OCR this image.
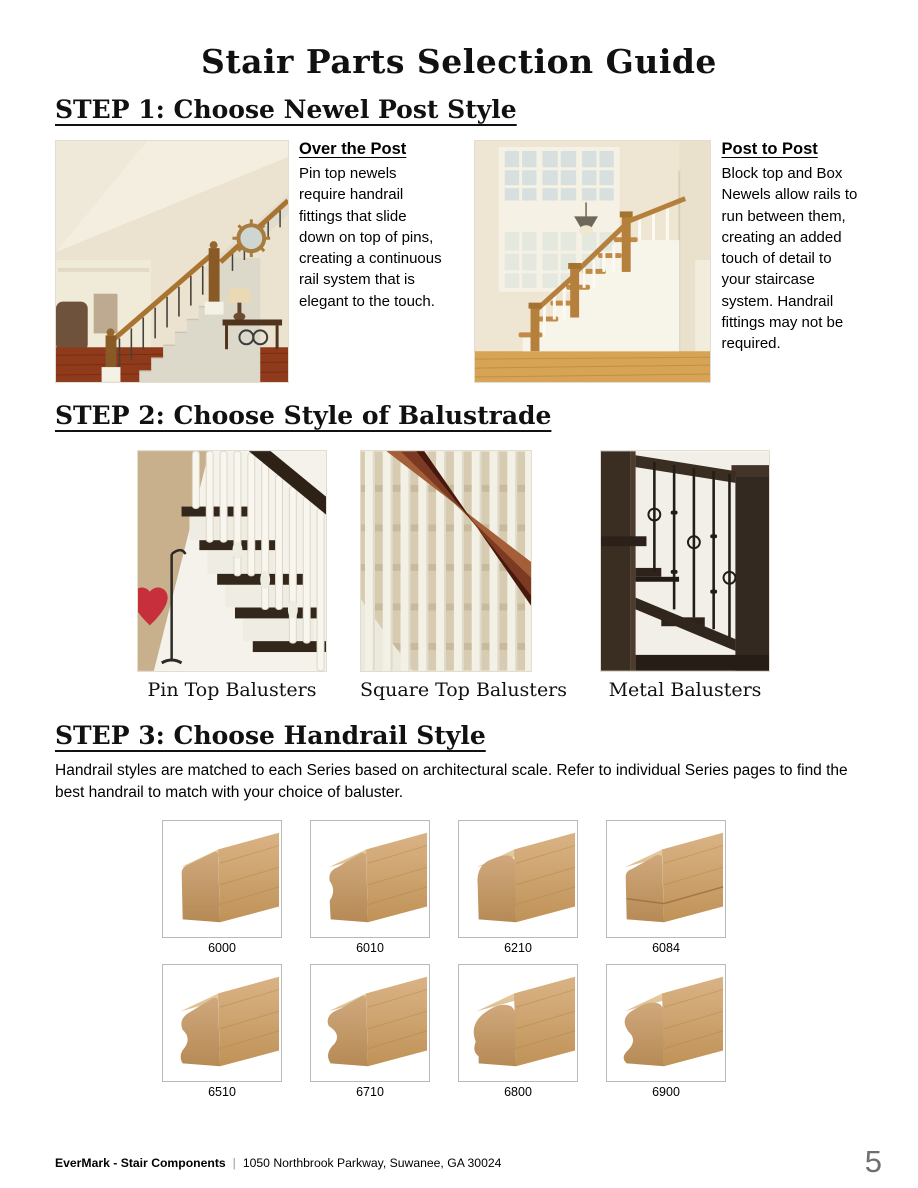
Stair Parts Selection Guide
STEP 1: Choose Newel Post Style
Over the Post
Pin top newels require handrail fittings that slide down on top of pins, creating a continuous rail system that is elegant to the touch.
Post to Post
Block top and Box Newels allow rails to run between them, creating an added touch of detail to your staircase system. Handrail fittings may not be required.
STEP 2: Choose Style of Balustrade
Pin Top Balusters	Square Top Balusters	Metal Balusters
STEP 3: Choose Handrail Style

Handrail styles are matched to each Series based on architectural scale. Refer to individual Series pages to find the best handrail to match with your choice of baluster.

6000	6010	6210	6084
6510	6710	6800	6900
EverMark - Stair Components | 1050 Northbrook Parkway, Suwanee, GA 30024	5
